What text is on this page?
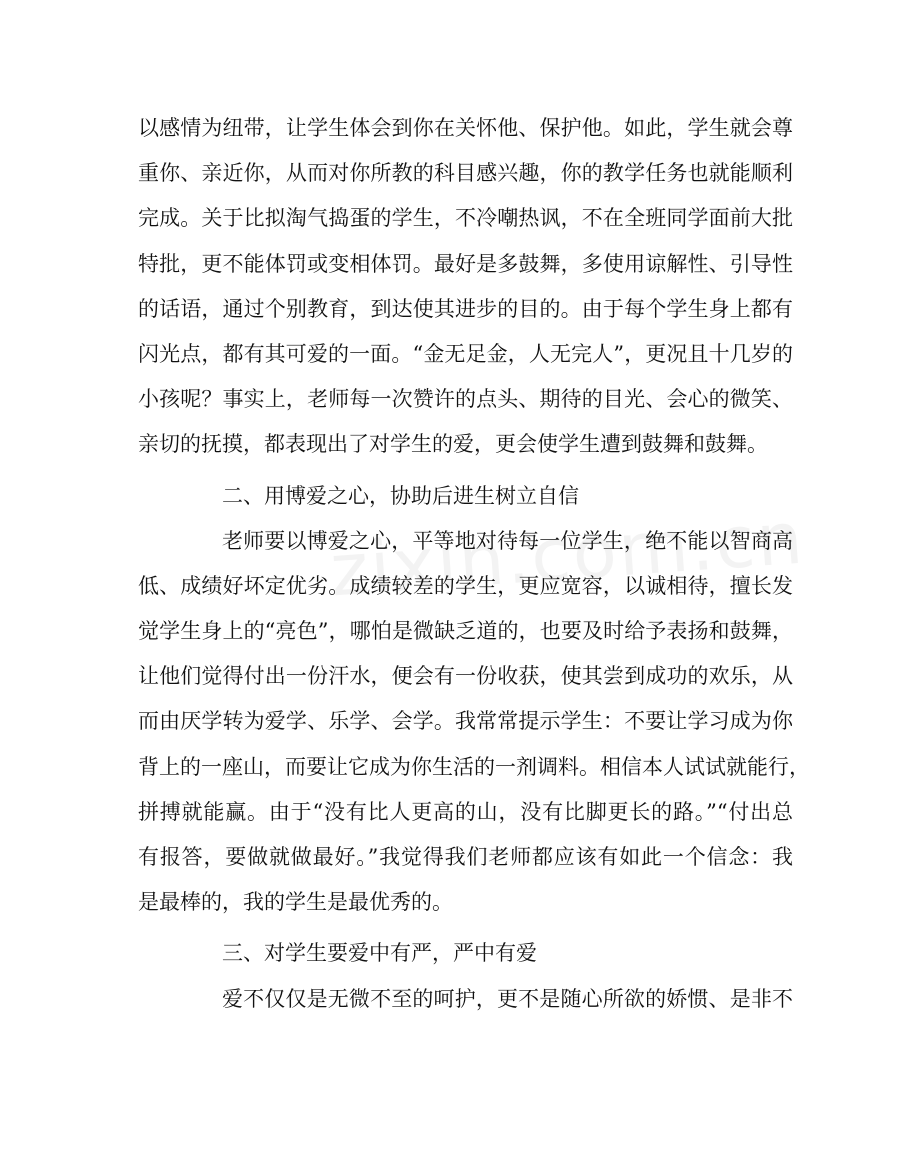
以感情为纽带，让学生体会到你在关怀他、保护他。如此，学生就会尊
重你、亲近你，从而对你所教的科目感兴趣，你的教学任务也就能顺利
完成。关于比拟淘气捣蛋的学生，不冷嘲热讽，不在全班同学面前大批
特批，更不能体罚或变相体罚。最好是多鼓舞，多使用谅解性、引导性
的话语，通过个别教育，到达使其进步的目的。由于每个学生身上都有
闪光点，都有其可爱的一面。“金无足金，人无完人”，更况且十几岁的
小孩呢？事实上，老师每一次赞许的点头、期待的目光、会心的微笑、
亲切的抚摸，都表现出了对学生的爱，更会使学生遭到鼓舞和鼓舞。
二、用博爱之心，协助后进生树立自信
老师要以博爱之心，平等地对待每一位学生，绝不能以智商高
低、成绩好坏定优劣。成绩较差的学生，更应宽容，以诚相待，擅长发
觉学生身上的“亮色”，哪怕是微缺乏道的，也要及时给予表扬和鼓舞，
让他们觉得付出一份汗水，便会有一份收获，使其尝到成功的欢乐，从
而由厌学转为爱学、乐学、会学。我常常提示学生：不要让学习成为你
背上的一座山，而要让它成为你生活的一剂调料。相信本人试试就能行，
拼搏就能赢。由于“没有比人更高的山，没有比脚更长的路。”“付出总
有报答，要做就做最好。”我觉得我们老师都应该有如此一个信念：我
是最棒的，我的学生是最优秀的。
三、对学生要爱中有严，严中有爱
爱不仅仅是无微不至的呵护，更不是随心所欲的娇惯、是非不
